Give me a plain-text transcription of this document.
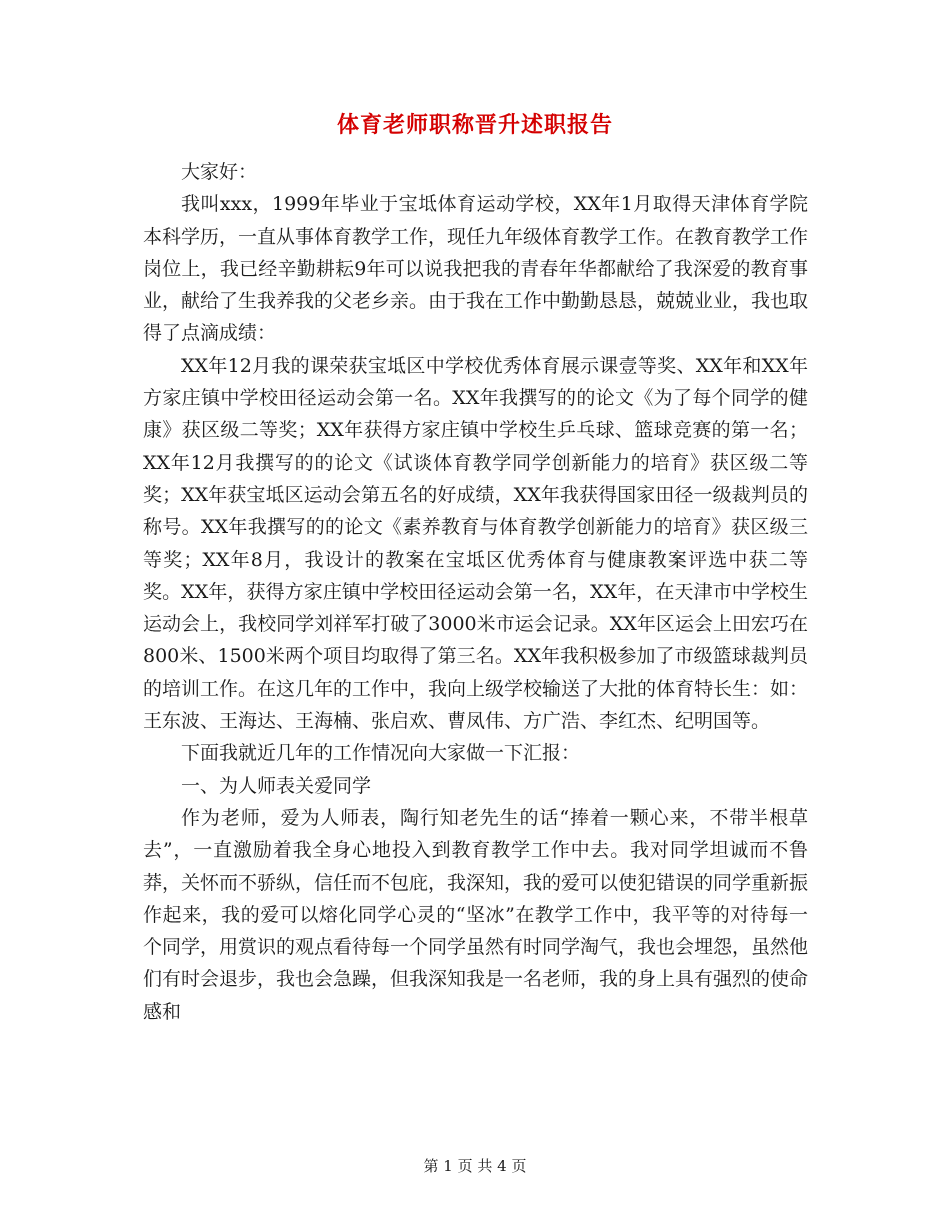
体育老师职称晋升述职报告

大家好：

我叫xxx，1999年毕业于宝坻体育运动学校，XX年1月取得天津体育学院本科学历，一直从事体育教学工作，现任九年级体育教学工作。在教育教学工作岗位上，我已经辛勤耕耘9年可以说我把我的青春年华都献给了我深爱的教育事业，献给了生我养我的父老乡亲。由于我在工作中勤勤恳恳，兢兢业业，我也取得了点滴成绩：

XX年12月我的课荣获宝坻区中学校优秀体育展示课壹等奖、XX年和XX年方家庄镇中学校田径运动会第一名。XX年我撰写的的论文《为了每个同学的健康》获区级二等奖；XX年获得方家庄镇中学校生乒乓球、篮球竞赛的第一名；XX年12月我撰写的的论文《试谈体育教学同学创新能力的培育》获区级二等奖；XX年获宝坻区运动会第五名的好成绩，XX年我获得国家田径一级裁判员的称号。XX年我撰写的的论文《素养教育与体育教学创新能力的培育》获区级三等奖；XX年8月，我设计的教案在宝坻区优秀体育与健康教案评选中获二等奖。XX年，获得方家庄镇中学校田径运动会第一名，XX年，在天津市中学校生运动会上，我校同学刘祥军打破了3000米市运会记录。XX年区运会上田宏巧在800米、1500米两个项目均取得了第三名。XX年我积极参加了市级篮球裁判员的培训工作。在这几年的工作中，我向上级学校输送了大批的体育特长生：如：王东波、王海达、王海楠、张启欢、曹凤伟、方广浩、李红杰、纪明国等。

下面我就近几年的工作情况向大家做一下汇报：

一、为人师表关爱同学

作为老师，爱为人师表，陶行知老先生的话“捧着一颗心来，不带半根草去”，一直激励着我全身心地投入到教育教学工作中去。我对同学坦诚而不鲁莽，关怀而不骄纵，信任而不包庇，我深知，我的爱可以使犯错误的同学重新振作起来，我的爱可以熔化同学心灵的“坚冰”在教学工作中，我平等的对待每一个同学，用赏识的观点看待每一个同学虽然有时同学淘气，我也会埋怨，虽然他们有时会退步，我也会急躁，但我深知我是一名老师，我的身上具有强烈的使命感和

第 1 页 共 4 页
